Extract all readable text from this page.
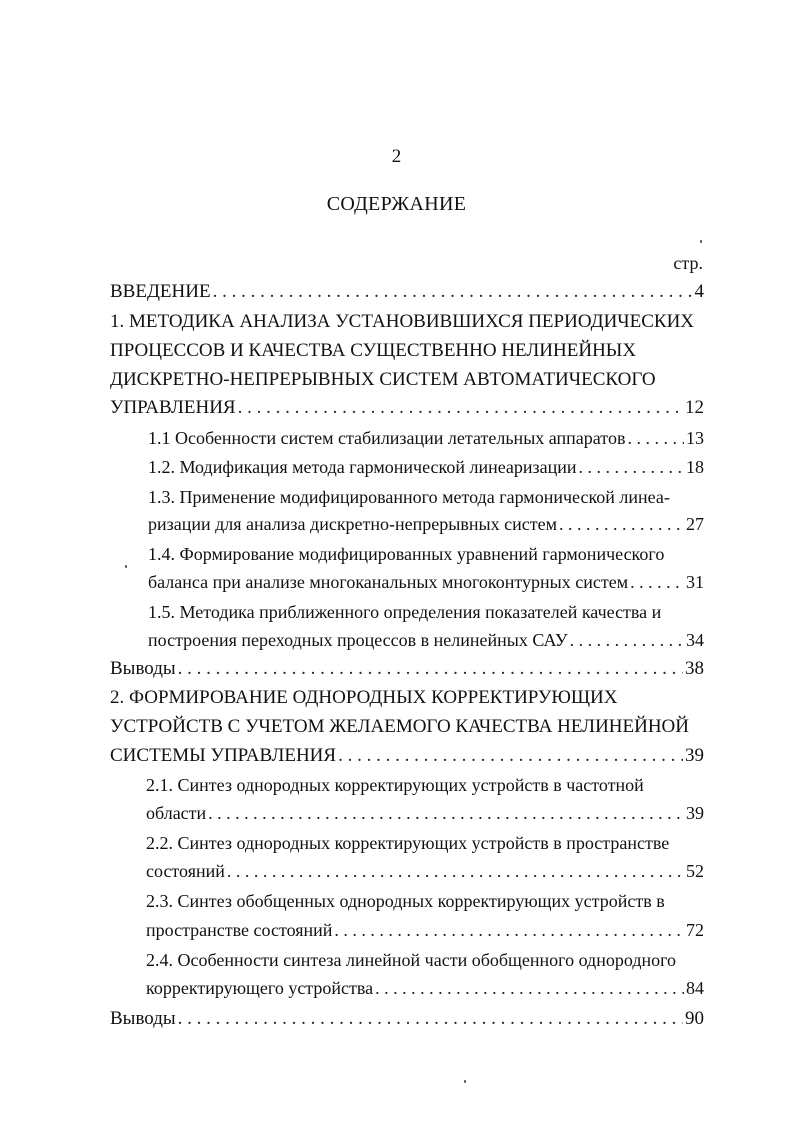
2
СОДЕРЖАНИЕ
стр.
ВВЕДЕНИЕ . . .	4
1. МЕТОДИКА АНАЛИЗА УСТАНОВИВШИХСЯ ПЕРИОДИЧЕСКИХ
ПРОЦЕССОВ И КАЧЕСТВА СУЩЕСТВЕННО НЕЛИНЕЙНЫХ
ДИСКРЕТНО-НЕПРЕРЫВНЫХ СИСТЕМ АВТОМАТИЧЕСКОГО
УПРАВЛЕНИЯ . . .	12
1.1 Особенности систем стабилизации летательных аппаратов . . .	13
1.2. Модификация метода гармонической линеаризации . . .	18
1.3. Применение модифицированного метода гармонической линеа-
ризации для анализа дискретно-непрерывных систем . . .	27
1.4. Формирование модифицированных уравнений гармонического
баланса при анализе многоканальных многоконтурных систем . . .	31
1.5. Методика приближенного определения показателей качества и
построения переходных процессов в нелинейных САУ . . .	34
Выводы . . .	38
2. ФОРМИРОВАНИЕ ОДНОРОДНЫХ КОРРЕКТИРУЮЩИХ
УСТРОЙСТВ С УЧЕТОМ ЖЕЛАЕМОГО КАЧЕСТВА НЕЛИНЕЙНОЙ
СИСТЕМЫ УПРАВЛЕНИЯ . . .	39
2.1. Синтез однородных корректирующих устройств в частотной
области . . .	39
2.2. Синтез однородных корректирующих устройств в пространстве
состояний . . .	52
2.3. Синтез обобщенных однородных корректирующих устройств в
пространстве состояний . . .	72
2.4. Особенности синтеза линейной части обобщенного однородного
корректирующего устройства . . .	84
Выводы . . .	90
